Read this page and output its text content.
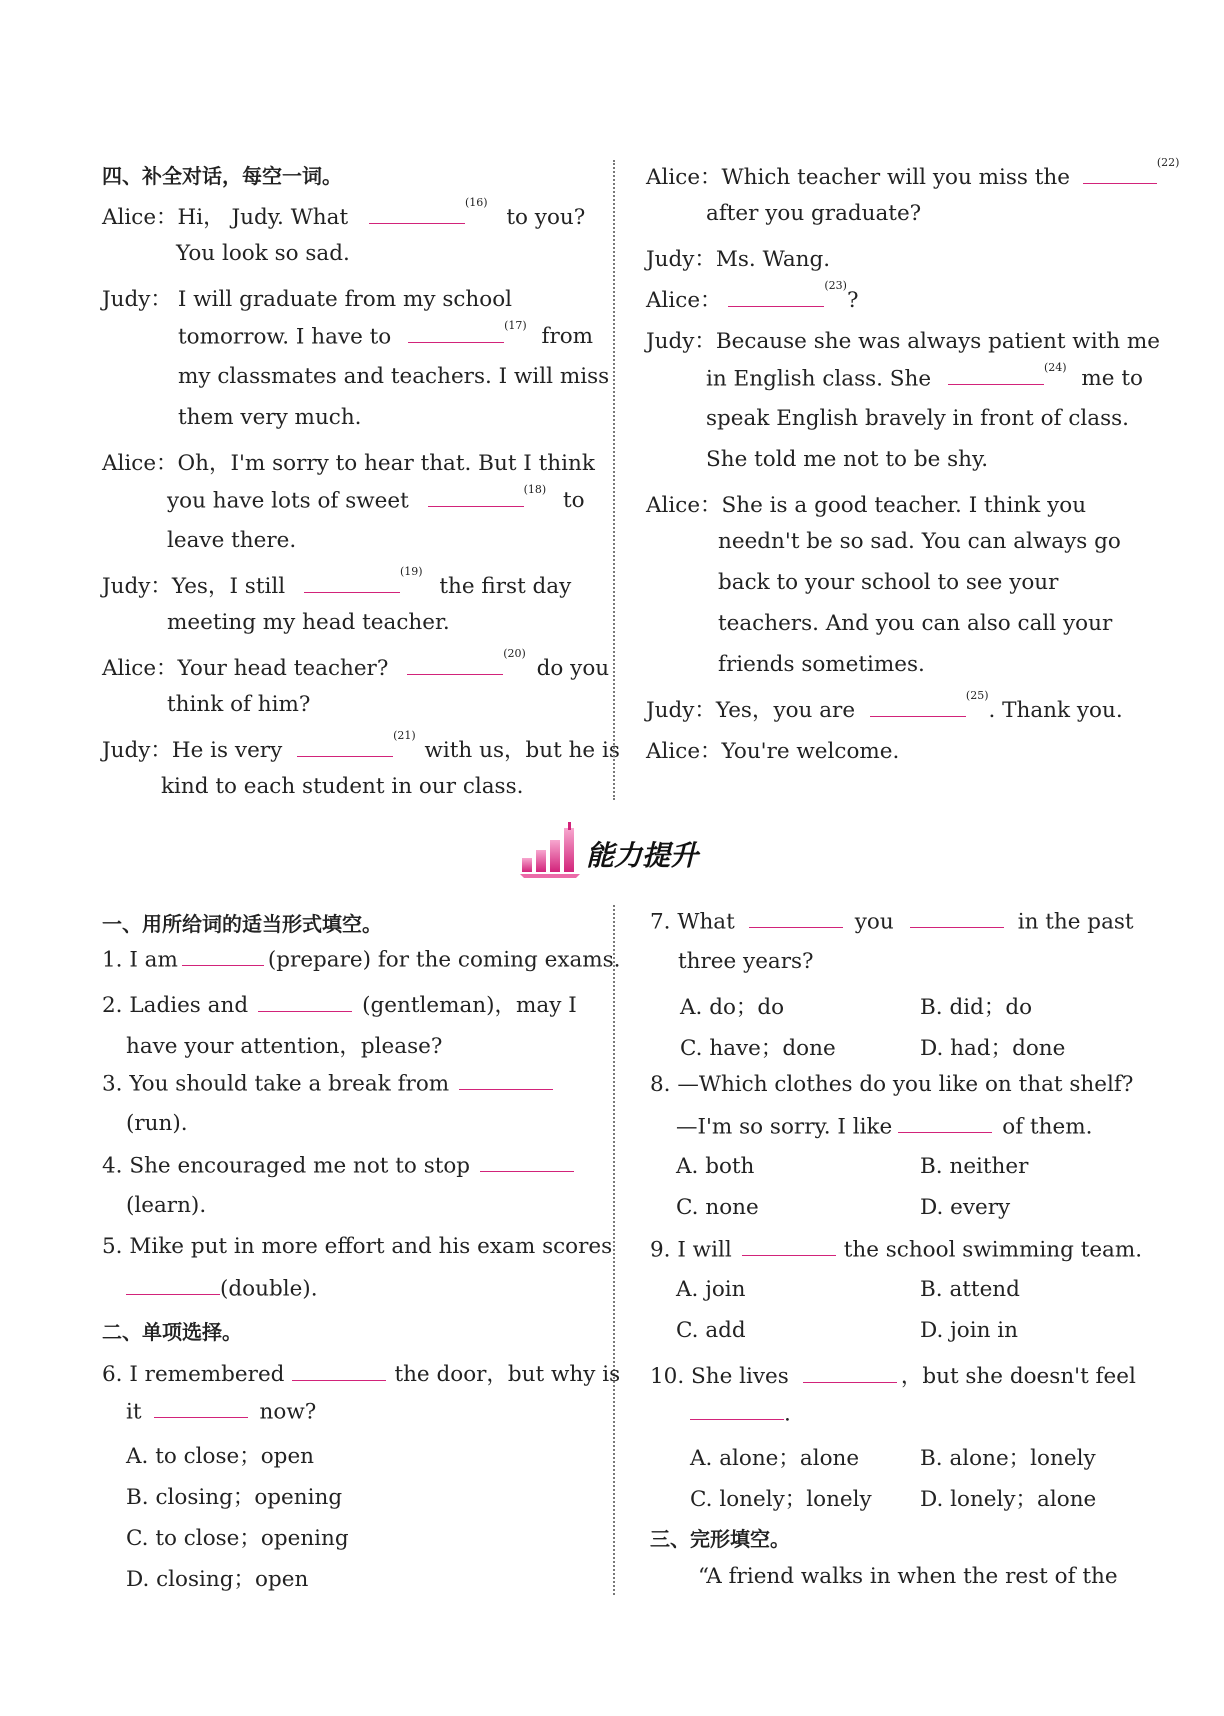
四、补全对话，每空一词。
Alice：Hi， Judy. What $^{(16)}$ to you?
You look so sad.
Judy： I will graduate from my school
tomorrow. I have to	$^{(17)}$ from
my classmates and teachers. I will miss
them very much.
Alice：Oh，I'm sorry to hear that. But I think
you have lots of sweet	$^{(18)}$ to
leave there.
Judy：Yes，I still $^{(19)}$ the first day
meeting my head teacher.
Alice：Your head teacher? $^{(20)}$ do you
think of him?
Judy：He is very $^{(21)}$ with us，but he is
kind to each student in our class.
Alice：Which teacher will you miss the $^{(22)}$
after you graduate?
Judy：Ms. Wang.
Alice： $^{(23)}$?
Judy：Because she was always patient with me
in English class. She	$^{(24)}$ me to
speak English bravely in front of class.
She told me not to be shy.
Alice：She is a good teacher. I think you
needn't be so sad. You can always go
back to your school to see your
teachers. And you can also call your
friends sometimes.
Judy：Yes，you are $^{(25)}$. Thank you.
Alice：You're welcome.
能力提升
一、用所给词的适当形式填空。
1. I am	(prepare) for the coming exams.
2. Ladies and	(gentleman)，may I
have your attention，please?
3. You should take a break from
(run).
4. She encouraged me not to stop
(learn).
5. Mike put in more effort and his exam scores
(double).
二、单项选择。
6. I remembered	the door，but why is
it	now?
A. to close；open
B. closing；opening
C. to close；opening
D. closing；open
7. What	you	in the past
three years?
A. do；do	B. did；do
C. have；done	D. had；done
8. —Which clothes do you like on that shelf?
—I'm so sorry. I like	of them.
A. both	B. neither
C. none	D. every
9. I will	the school swimming team.
A. join	B. attend
C. add	D. join in
10. She lives	，but she doesn't feel
.
A. alone；alone	B. alone；lonely
C. lonely；lonely D. lonely；alone
三、完形填空。
“A friend walks in when the rest of the
